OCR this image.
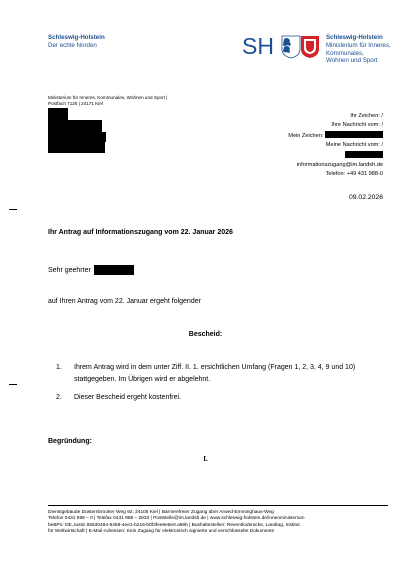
Schleswig-Holstein
Der echte Norden	SH	Schleswig-Holstein
Ministerium für Inneres,
Kommunales,
Wohnen und Sport
Ministerium für Inneres, Kommunales, Wohnen und Sport |
Postfach 7125 | 24171 Kiel
Ihr Zeichen: /
Ihre Nachricht vom: /
Mein Zeichen:
Meine Nachricht vom: /
informationszugang@im.landsh.de
Telefon: +49 431 988-0
09.02.2026
Ihr Antrag auf Informationszugang vom 22. Januar 2026
Sehr geehrter
auf Ihren Antrag vom 22. Januar ergeht folgender
Bescheid:
1.	Ihrem Antrag wird in dem unter Ziff. II. 1. ersichtlichen Umfang (Fragen 1, 2, 3, 4, 9 und 10) stattgegeben. Im Übrigen wird er abgelehnt.
2.	Dieser Bescheid ergeht kostenfrei.
Begründung:
I.
Dienstgebäude Düsternbrooker Weg 92, 24105 Kiel | Barrierefreier Zugang über Arwed-Emminghaus-Weg
Telefon 0431 988 – 0 | Telefax 0431 988 – 2833 | Poststelle@im.landsh.de | www.schleswig-holstein.de/innenministerium
beBPo: DE.Justiz.65530484-6459-4ee1-b216-b0f3fee9e5e0.a69b | Bushaltestellen: Reventloubrücke, Landtag, Institut
für Weltwirtschaft | E-Mail-Adressen: Kein Zugang für elektronisch signierte und verschlüsselte Dokumente
